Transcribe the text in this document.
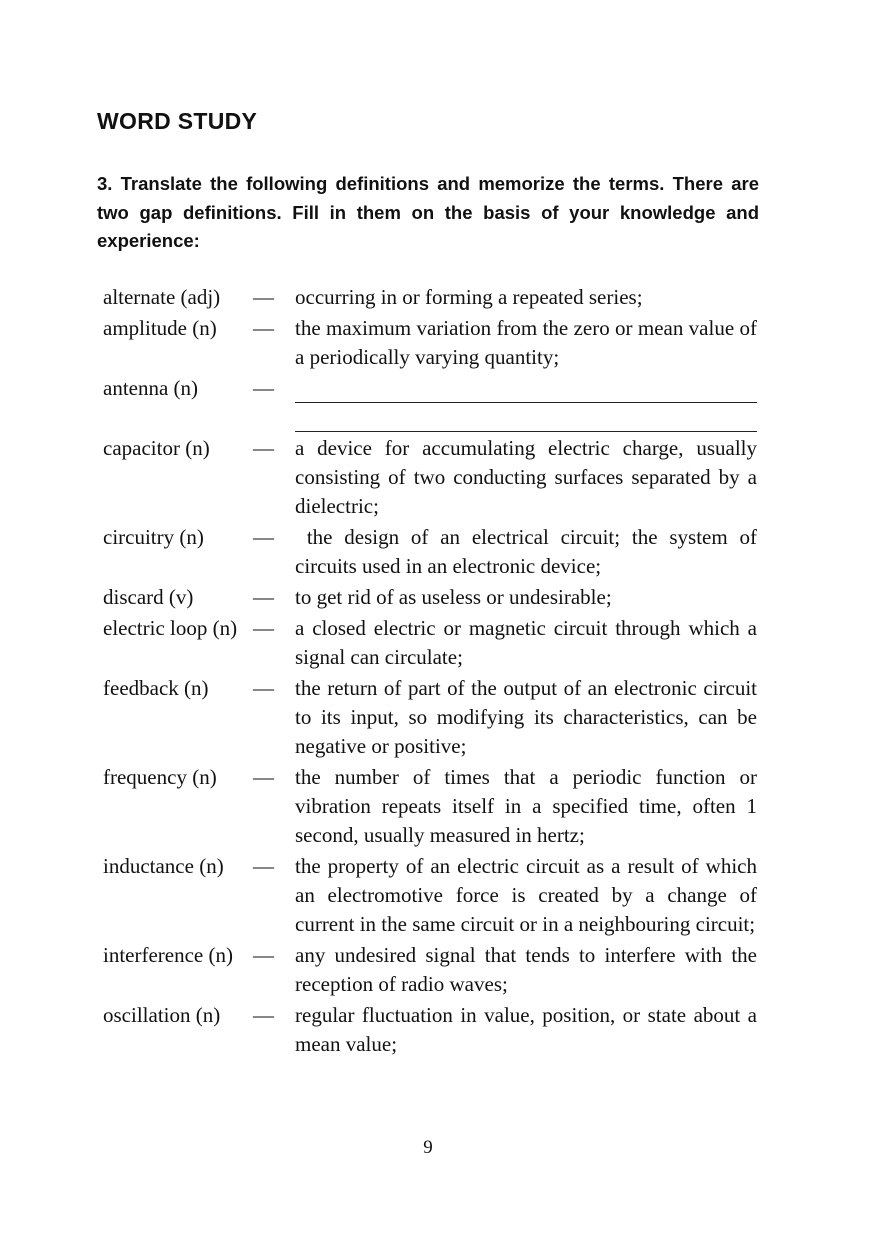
WORD STUDY

3. Translate the following definitions and memorize the terms. There are two gap definitions. Fill in them on the basis of your knowledge and experience:

alternate (adj)	—	occurring in or forming a repeated series;
amplitude (n)	—	the maximum variation from the zero or mean value of a periodically varying quantity;
antenna (n)	—
capacitor (n)	—	a device for accumulating electric charge, usually consisting of two conducting surfaces separated by a dielectric;
circuitry (n)	—	the design of an electrical circuit; the system of circuits used in an electronic device;
discard (v)	—	to get rid of as useless or undesirable;
electric loop (n) —	a closed electric or magnetic circuit through which a signal can circulate;
feedback (n)	—	the return of part of the output of an electronic circuit to its input, so modifying its characteristics, can be negative or positive;
frequency (n)	—	the number of times that a periodic function or vibration repeats itself in a specified time, often 1 second, usually measured in hertz;
inductance (n)	—	the property of an electric circuit as a result of which an electromotive force is created by a change of current in the same circuit or in a neighbouring circuit;
interference (n) —	any undesired signal that tends to interfere with the reception of radio waves;
oscillation (n)	—	regular fluctuation in value, position, or state about a mean value;
9
